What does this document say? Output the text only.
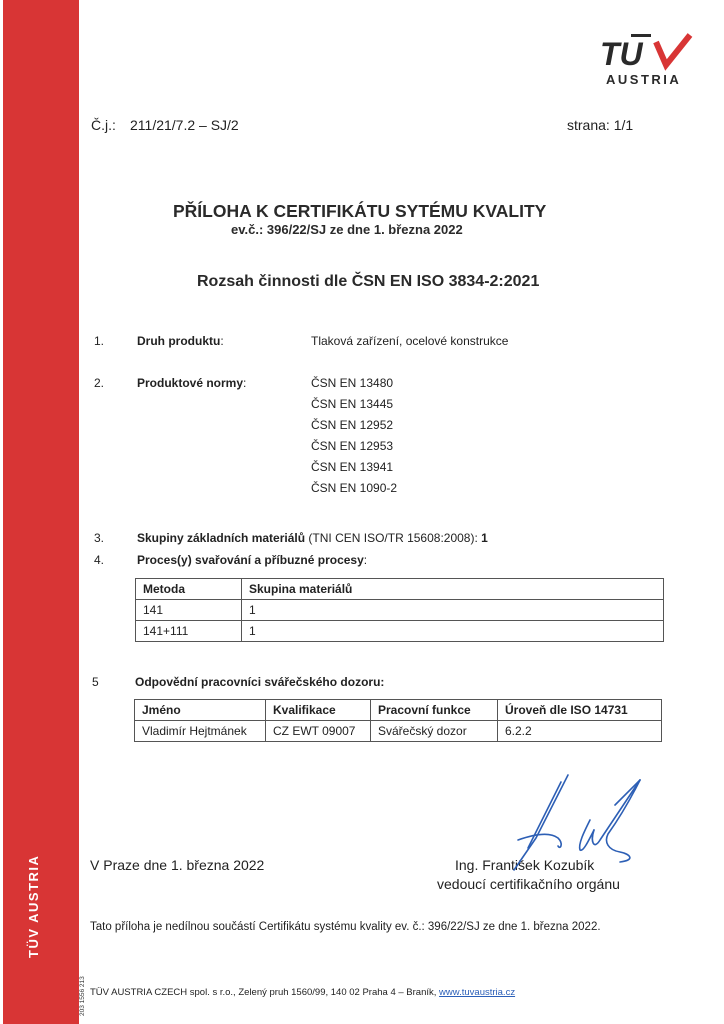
TÜV AUSTRIA
203 1556 213
TU
AUSTRIA
Č.j.: 211/21/7.2 – SJ/2	strana: 1/1
PŘÍLOHA K CERTIFIKÁTU SYTÉMU KVALITY
ev.č.: 396/22/SJ ze dne 1. března 2022
Rozsah činnosti dle ČSN EN ISO 3834-2:2021
1.	Druh produktu:	Tlaková zařízení, ocelové konstrukce
2.	Produktové normy:	ČSN EN 13480
ČSN EN 13445
ČSN EN 12952
ČSN EN 12953
ČSN EN 13941
ČSN EN 1090-2
3.	Skupiny základních materiálů (TNI CEN ISO/TR 15608:2008): 1
4.	Proces(y) svařování a příbuzné procesy:
Metoda	Skupina materiálů
141	1
141+111	1
5	Odpovědní pracovníci svářečského dozoru:
Jméno	Kvalifikace	Pracovní funkce	Úroveň dle ISO 14731
Vladimír Hejtmánek	CZ EWT 09007	Svářečský dozor	6.2.2
V Praze dne 1. března 2022	Ing. František Kozubík
vedoucí certifikačního orgánu
Tato příloha je nedílnou součástí Certifikátu systému kvality ev. č.: 396/22/SJ ze dne 1. března 2022.
TÜV AUSTRIA CZECH spol. s r.o., Zelený pruh 1560/99, 140 02 Praha 4 – Braník, www.tuvaustria.cz
